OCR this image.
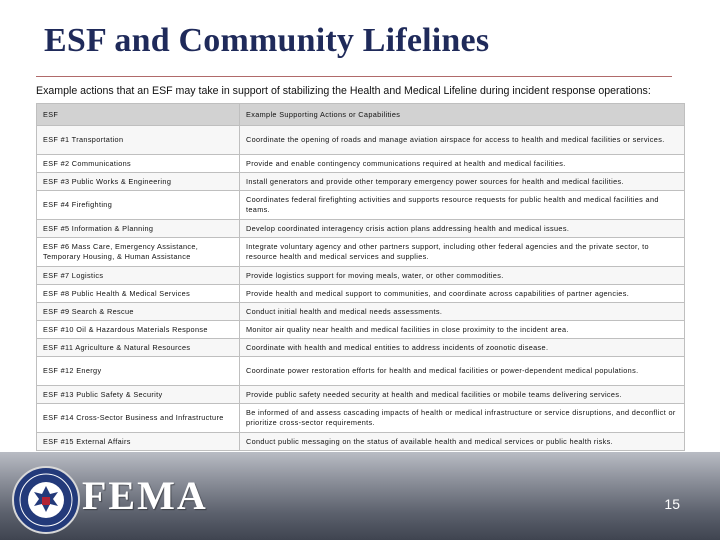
ESF and Community Lifelines
Example actions that an ESF may take in support of stabilizing the Health and Medical Lifeline during incident response operations:
ESF	Example Supporting Actions or Capabilities
ESF #1 Transportation	Coordinate the opening of roads and manage aviation airspace for access to health and medical facilities or services.
ESF #2 Communications	Provide and enable contingency communications required at health and medical facilities.
ESF #3 Public Works & Engineering	Install generators and provide other temporary emergency power sources for health and medical facilities.
ESF #4 Firefighting	Coordinates federal firefighting activities and supports resource requests for public health and medical facilities and teams.
ESF #5 Information & Planning	Develop coordinated interagency crisis action plans addressing health and medical issues.
ESF #6 Mass Care, Emergency Assistance, Temporary Housing, & Human Assistance	Integrate voluntary agency and other partners support, including other federal agencies and the private sector, to resource health and medical services and supplies.
ESF #7 Logistics	Provide logistics support for moving meals, water, or other commodities.
ESF #8 Public Health & Medical Services	Provide health and medical support to communities, and coordinate across capabilities of partner agencies.
ESF #9 Search & Rescue	Conduct initial health and medical needs assessments.
ESF #10 Oil & Hazardous Materials Response	Monitor air quality near health and medical facilities in close proximity to the incident area.
ESF #11 Agriculture & Natural Resources	Coordinate with health and medical entities to address incidents of zoonotic disease.
ESF #12 Energy	Coordinate power restoration efforts for health and medical facilities or power-dependent medical populations.
ESF #13 Public Safety & Security	Provide public safety needed security at health and medical facilities or mobile teams delivering services.
ESF #14 Cross-Sector Business and Infrastructure	Be informed of and assess cascading impacts of health or medical infrastructure or service disruptions, and deconflict or prioritize cross-sector requirements.
ESF #15 External Affairs	Conduct public messaging on the status of available health and medical services or public health risks.
FEMA	15
